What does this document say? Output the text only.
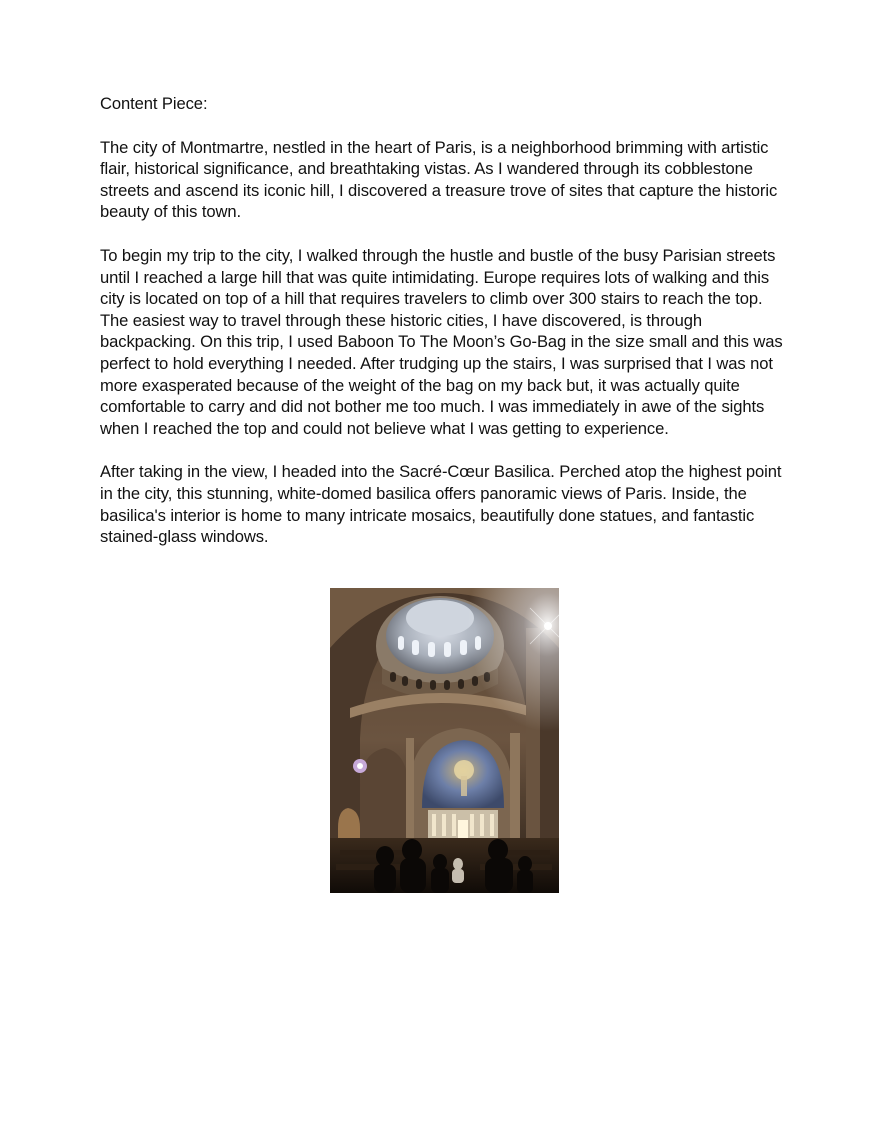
Content Piece:

The city of Montmartre, nestled in the heart of Paris, is a neighborhood brimming with artistic flair, historical significance, and breathtaking vistas. As I wandered through its cobblestone streets and ascend its iconic hill, I discovered a treasure trove of sites that capture the historic beauty of this town.

To begin my trip to the city, I walked through the hustle and bustle of the busy Parisian streets until I reached a large hill that was quite intimidating. Europe requires lots of walking and this city is located on top of a hill that requires travelers to climb over 300 stairs to reach the top. The easiest way to travel through these historic cities, I have discovered, is through backpacking. On this trip, I used Baboon To The Moon’s Go-Bag in the size small and this was perfect to hold everything I needed. After trudging up the stairs, I was surprised that I was not more exasperated because of the weight of the bag on my back but, it was actually quite comfortable to carry and did not bother me too much. I was immediately in awe of the sights when I reached the top and could not believe what I was getting to experience.

After taking in the view, I headed into the Sacré-Cœur Basilica. Perched atop the highest point in the city, this stunning, white-domed basilica offers panoramic views of Paris. Inside, the basilica's interior is home to many intricate mosaics, beautifully done statues, and fantastic stained-glass windows.
